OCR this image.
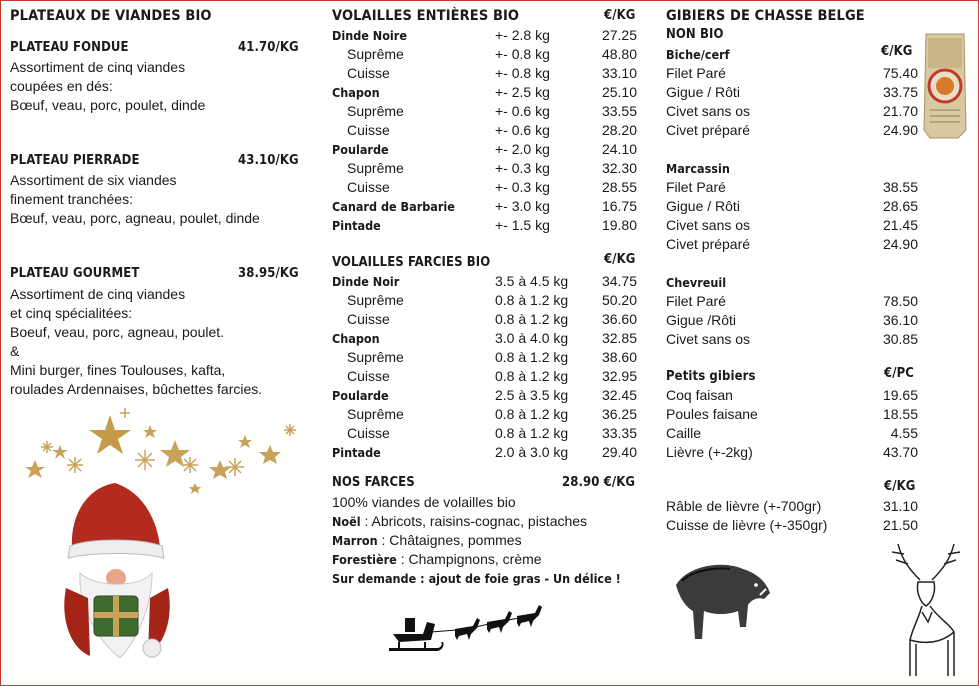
PLATEAUX DE VIANDES BIO
PLATEAU FONDUE	41.70/KG
Assortiment de cinq viandes
coupées en dés:
Bœuf, veau, porc, poulet, dinde
PLATEAU PIERRADE	43.10/KG
Assortiment de six viandes
finement tranchées:
Bœuf, veau, porc, agneau, poulet, dinde
PLATEAU GOURMET	38.95/KG
Assortiment de cinq viandes
et cinq spécialitées:
Boeuf, veau, porc, agneau, poulet.
&
Mini burger, fines Toulouses, kafta,
roulades Ardennaises, bûchettes farcies.
VOLAILLES ENTIÈRES BIO	€/KG
Dinde Noire	+- 2.8 kg	27.25
Suprême	+- 0.8 kg	48.80
Cuisse	+- 0.8 kg	33.10
Chapon	+- 2.5 kg	25.10
Suprême	+- 0.6 kg	33.55
Cuisse	+- 0.6 kg	28.20
Poularde	+- 2.0 kg	24.10
Suprême	+- 0.3 kg	32.30
Cuisse	+- 0.3 kg	28.55
Canard de Barbarie	+- 3.0 kg	16.75
Pintade	+- 1.5 kg	19.80
VOLAILLES FARCIES BIO	€/KG
Dinde Noir	3.5 à 4.5 kg	34.75
Suprême	0.8 à 1.2 kg	50.20
Cuisse	0.8 à 1.2 kg	36.60
Chapon	3.0 à 4.0 kg	32.85
Suprême	0.8 à 1.2 kg	38.60
Cuisse	0.8 à 1.2 kg	32.95
Poularde	2.5 à 3.5 kg	32.45
Suprême	0.8 à 1.2 kg	36.25
Cuisse	0.8 à 1.2 kg	33.35
Pintade	2.0 à 3.0 kg	29.40
NOS FARCES	28.90 €/KG
100% viandes de volailles bio
Noël : Abricots, raisins-cognac, pistaches
Marron : Châtaignes, pommes
Forestière : Champignons, crème
Sur demande : ajout de foie gras - Un délice !
GIBIERS DE CHASSE BELGE
NON BIO
€/KG
Biche/cerf
Filet Paré	75.40
Gigue / Rôti	33.75
Civet sans os	21.70
Civet préparé	24.90
Marcassin
Filet Paré	38.55
Gigue / Rôti	28.65
Civet sans os	21.45
Civet préparé	24.90
Chevreuil
Filet Paré	78.50
Gigue /Rôti	36.10
Civet sans os	30.85
Petits gibiers	€/PC
Coq faisan	19.65
Poules faisane	18.55
Caille	4.55
Lièvre (+-2kg)	43.70
€/KG
Râble de lièvre (+-700gr)	31.10
Cuisse de lièvre (+-350gr)	21.50
